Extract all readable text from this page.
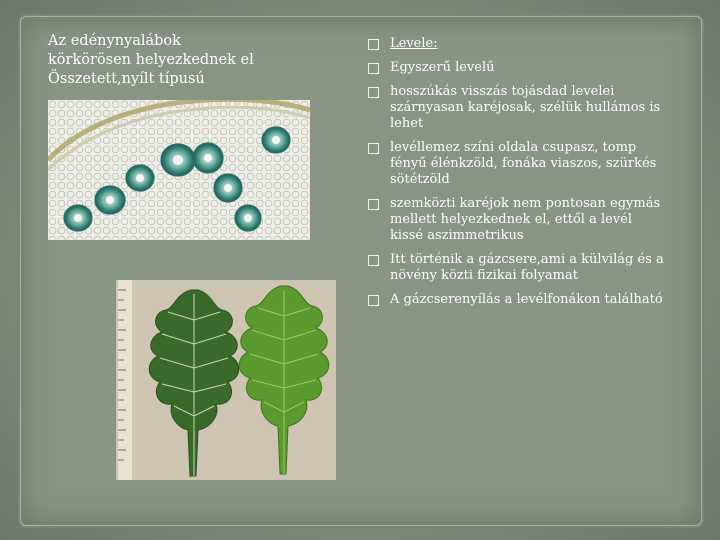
Az edénynyalábok
körkörösen helyezkednek el
Összetett,nyílt típusú
Levele:
Egyszerű levelű
hosszúkás visszás tojásdad levelei szárnyasan karéjosak, szélük hullámos is lehet
levéllemez színi oldala csupasz, tomp fényű élénkzöld, fonáka viaszos, szürkés sötétzöld
szemközti karéjok nem pontosan egymás mellett helyezkednek el, ettől a levél kissé aszimmetrikus
Itt történik a gázcsere,ami a külvilág és a növény közti fizikai folyamat
A gázcserenyílás a levélfonákon található
